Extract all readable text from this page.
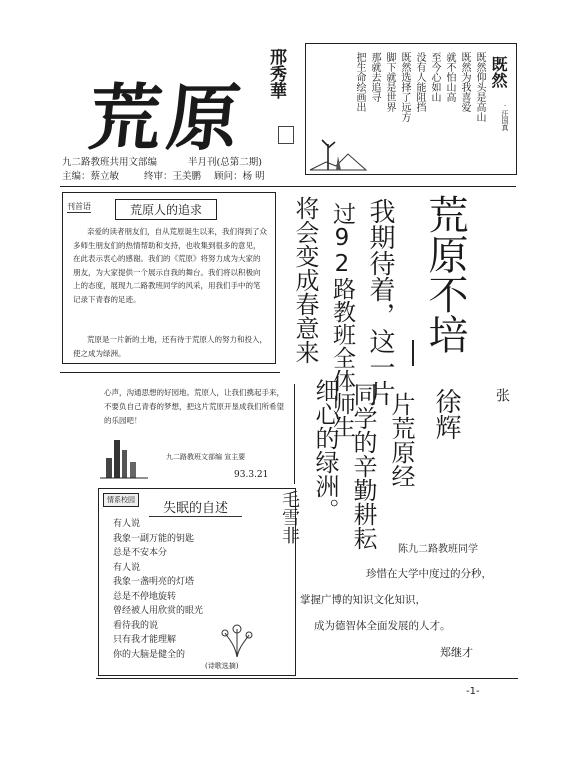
荒原
邢秀華
九二路教班共用文部编	半月刊(总第二期)
主编：蔡立敏	终审：王美鹏 顾问：杨 明
既然
·汪国真
既然仰头是高山
既然为我喜爱
就不怕山高
至今心如山
没有人能阻挡
既然选择了远方
脚下就是世界
那就去追寻
把生命绘画出
刊首语	荒原人的追求
亲爱的读者朋友们，自从荒原诞生以来，我们得到了众多师生朋友们的热情帮助和支持，也收集到很多的意见，在此表示衷心的感谢。我们的《荒原》将努力成为大家的朋友，为大家提供一个展示自我的舞台。我们将以积极向上的态度，展现九二路教班同学的风采，用我们手中的笔记录下青春的足迹。
荒原是一片新的土地，还有待于荒原人的努力和投入，使之成为绿洲。	荒原不培
我期待着，这一片
过92路教班全体师生
将会变成春意来
心声，沟通思想的好园地。荒原人，让我们携起手来，不要负自己青春的梦想，把这片荒原开垦成我们所希望的乐园吧！
九二路教班文部编 宣主要
93.3.21
情系校园
失眠的自述
有人说
我象一副万能的钥匙
总是不安本分
有人说
我象一盏明亮的灯塔
总是不停地旋转
曾经被人用欣赏的眼光
看待我的说
只有我才能理解
你的大脑是健全的
(诗歌选摘)
张
徐辉
片荒原经
同学的辛勤耕耘
细心的绿洲。
毛雪非
陈九二路教班同学
珍惜在大学中度过的分秒，
掌握广博的知识文化知识，
成为德智体全面发展的人才。
郑继才
-1-
